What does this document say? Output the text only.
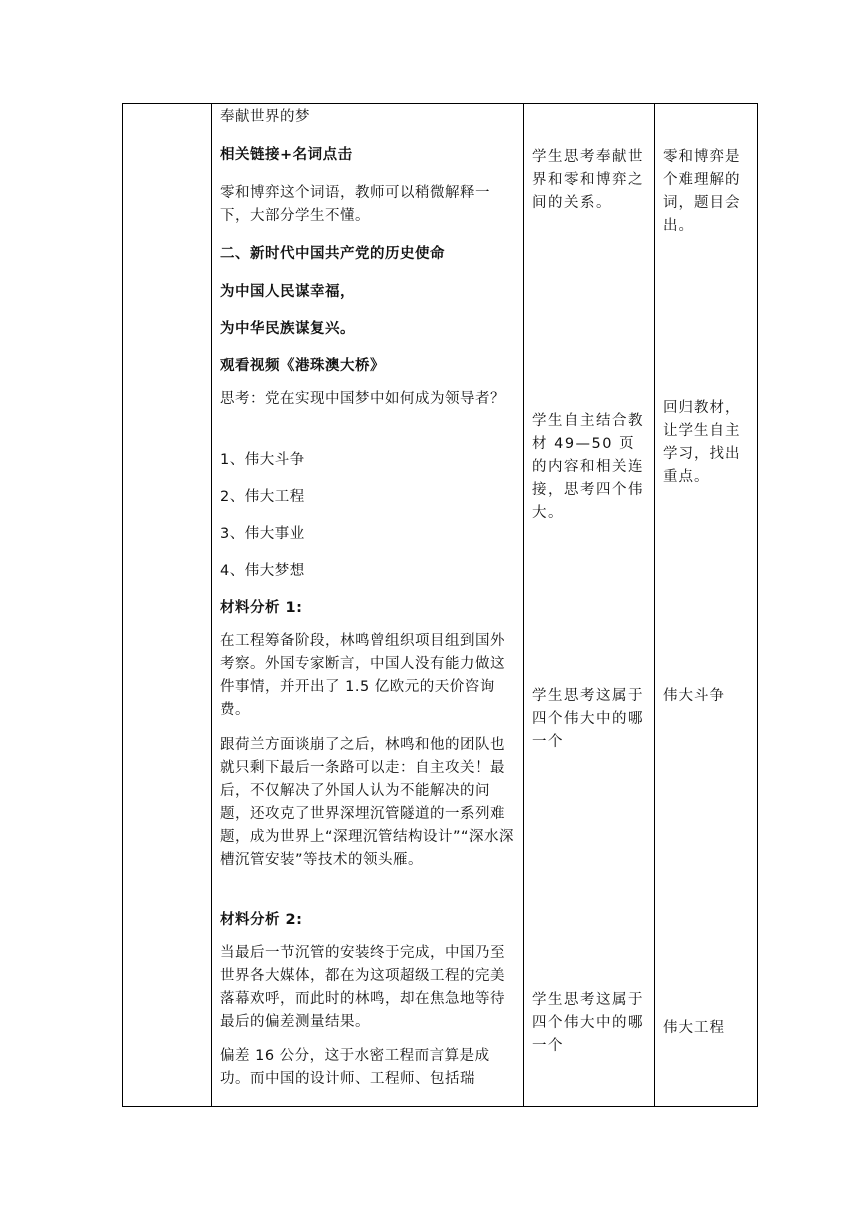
奉献世界的梦

相关链接+名词点击

零和博弈这个词语，教师可以稍微解释一下，大部分学生不懂。

二、新时代中国共产党的历史使命

为中国人民谋幸福，

为中华民族谋复兴。

观看视频《港珠澳大桥》

思考：党在实现中国梦中如何成为领导者？

1、伟大斗争

2、伟大工程

3、伟大事业

4、伟大梦想

材料分析 1:

在工程筹备阶段，林鸣曾组织项目组到国外考察。外国专家断言，中国人没有能力做这件事情，并开出了 1.5 亿欧元的天价咨询费。

跟荷兰方面谈崩了之后，林鸣和他的团队也就只剩下最后一条路可以走：自主攻关！最后，不仅解决了外国人认为不能解决的问题，还攻克了世界深埋沉管隧道的一系列难题，成为世界上“深理沉管结构设计”“深水深槽沉管安装”等技术的领头雁。

材料分析 2:

当最后一节沉管的安装终于完成，中国乃至世界各大媒体，都在为这项超级工程的完美落幕欢呼，而此时的林鸣，却在焦急地等待最后的偏差测量结果。

偏差 16 公分，这于水密工程而言算是成功。而中国的设计师、工程师、包括瑞

学生思考奉献世界和零和博弈之间的关系。

学生自主结合教材 49—50 页的内容和相关连接，思考四个伟大。

学生思考这属于四个伟大中的哪一个

学生思考这属于四个伟大中的哪一个

零和博弈是个难理解的词，题目会出。

回归教材，让学生自主学习，找出重点。

伟大斗争

伟大工程
